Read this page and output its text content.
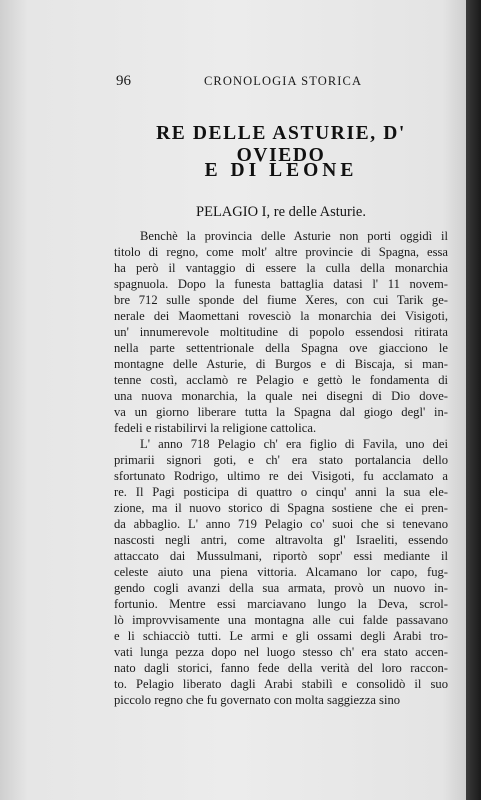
96	CRONOLOGIA STORICA
RE DELLE ASTURIE, D' OVIEDO
E DI LEONE
PELAGIO I, re delle Asturie.
Benchè la provincia delle Asturie non porti oggidì il
titolo di regno, come molt' altre provincie di Spagna, essa
ha però il vantaggio di essere la culla della monarchia
spagnuola. Dopo la funesta battaglia datasi l' 11 novem-
bre 712 sulle sponde del fiume Xeres, con cui Tarik ge-
nerale dei Maomettani rovesciò la monarchia dei Visigoti,
un' innumerevole moltitudine di popolo essendosi ritirata
nella parte settentrionale della Spagna ove giacciono le
montagne delle Asturie, di Burgos e di Biscaja, si man-
tenne costì, acclamò re Pelagio e gettò le fondamenta di
una nuova monarchia, la quale nei disegni di Dio dove-
va un giorno liberare tutta la Spagna dal giogo degl' in-
fedeli e ristabilirvi la religione cattolica.
L' anno 718 Pelagio ch' era figlio di Favila, uno dei
primarii signori goti, e ch' era stato portalancia dello
sfortunato Rodrigo, ultimo re dei Visigoti, fu acclamato a
re. Il Pagi posticipa di quattro o cinqu' anni la sua ele-
zione, ma il nuovo storico di Spagna sostiene che ei pren-
da abbaglio. L' anno 719 Pelagio co' suoi che si tenevano
nascosti negli antri, come altravolta gl' Israeliti, essendo
attaccato dai Mussulmani, riportò sopr' essi mediante il
celeste aiuto una piena vittoria. Alcamano lor capo, fug-
gendo cogli avanzi della sua armata, provò un nuovo in-
fortunio. Mentre essi marciavano lungo la Deva, scrol-
lò improvvisamente una montagna alle cui falde passavano
e li schiacciò tutti. Le armi e gli ossami degli Arabi tro-
vati lunga pezza dopo nel luogo stesso ch' era stato accen-
nato dagli storici, fanno fede della verità del loro raccon-
to. Pelagio liberato dagli Arabi stabilì e consolidò il suo
piccolo regno che fu governato con molta saggiezza sino
